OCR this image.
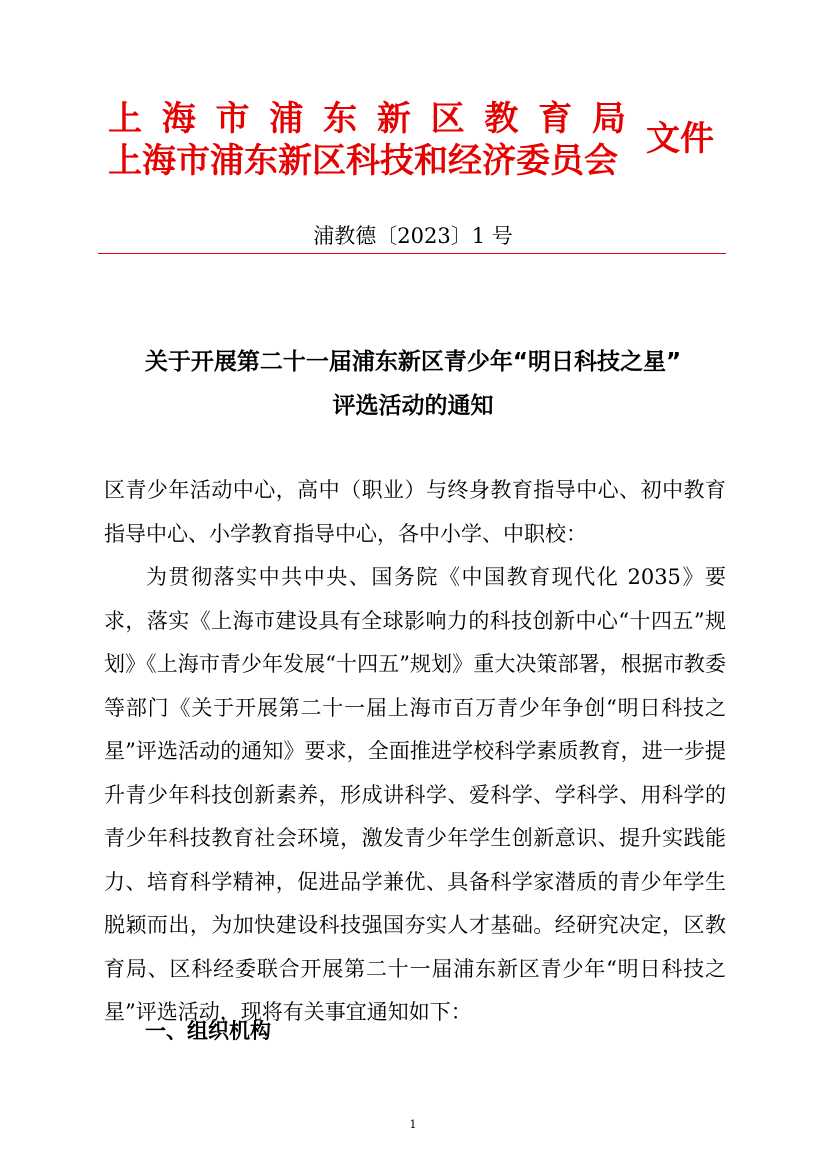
上 海 市 浦 东 新 区 教 育 局
上海市浦东新区科技和经济委员会
文件
浦教德〔2023〕1 号
关于开展第二十一届浦东新区青少年“明日科技之星”
评选活动的通知

区青少年活动中心，高中（职业）与终身教育指导中心、初中教育指导中心、小学教育指导中心，各中小学、中职校：

为贯彻落实中共中央、国务院《中国教育现代化 2035》要求，落实《上海市建设具有全球影响力的科技创新中心“十四五”规划》《上海市青少年发展“十四五”规划》重大决策部署，根据市教委等部门《关于开展第二十一届上海市百万青少年争创“明日科技之星”评选活动的通知》要求，全面推进学校科学素质教育，进一步提升青少年科技创新素养，形成讲科学、爱科学、学科学、用科学的青少年科技教育社会环境，激发青少年学生创新意识、提升实践能力、培育科学精神，促进品学兼优、具备科学家潜质的青少年学生脱颖而出，为加快建设科技强国夯实人才基础。经研究决定，区教育局、区科经委联合开展第二十一届浦东新区青少年“明日科技之星”评选活动，现将有关事宜通知如下：

一、组织机构
1
